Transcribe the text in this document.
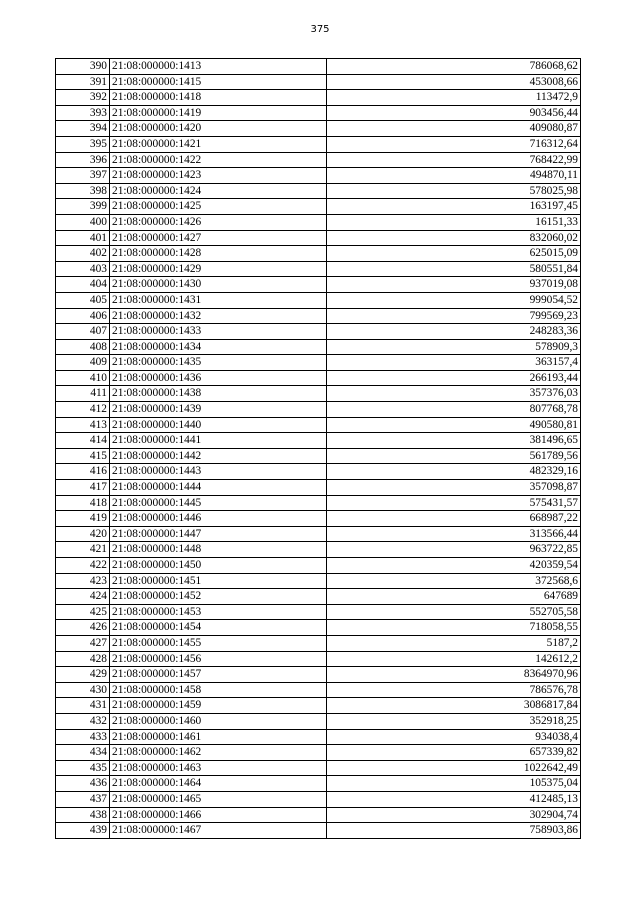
375
390	21:08:000000:1413	786068,62
391	21:08:000000:1415	453008,66
392	21:08:000000:1418	113472,9
393	21:08:000000:1419	903456,44
394	21:08:000000:1420	409080,87
395	21:08:000000:1421	716312,64
396	21:08:000000:1422	768422,99
397	21:08:000000:1423	494870,11
398	21:08:000000:1424	578025,98
399	21:08:000000:1425	163197,45
400	21:08:000000:1426	16151,33
401	21:08:000000:1427	832060,02
402	21:08:000000:1428	625015,09
403	21:08:000000:1429	580551,84
404	21:08:000000:1430	937019,08
405	21:08:000000:1431	999054,52
406	21:08:000000:1432	799569,23
407	21:08:000000:1433	248283,36
408	21:08:000000:1434	578909,3
409	21:08:000000:1435	363157,4
410	21:08:000000:1436	266193,44
411	21:08:000000:1438	357376,03
412	21:08:000000:1439	807768,78
413	21:08:000000:1440	490580,81
414	21:08:000000:1441	381496,65
415	21:08:000000:1442	561789,56
416	21:08:000000:1443	482329,16
417	21:08:000000:1444	357098,87
418	21:08:000000:1445	575431,57
419	21:08:000000:1446	668987,22
420	21:08:000000:1447	313566,44
421	21:08:000000:1448	963722,85
422	21:08:000000:1450	420359,54
423	21:08:000000:1451	372568,6
424	21:08:000000:1452	647689
425	21:08:000000:1453	552705,58
426	21:08:000000:1454	718058,55
427	21:08:000000:1455	5187,2
428	21:08:000000:1456	142612,2
429	21:08:000000:1457	8364970,96
430	21:08:000000:1458	786576,78
431	21:08:000000:1459	3086817,84
432	21:08:000000:1460	352918,25
433	21:08:000000:1461	934038,4
434	21:08:000000:1462	657339,82
435	21:08:000000:1463	1022642,49
436	21:08:000000:1464	105375,04
437	21:08:000000:1465	412485,13
438	21:08:000000:1466	302904,74
439	21:08:000000:1467	758903,86
